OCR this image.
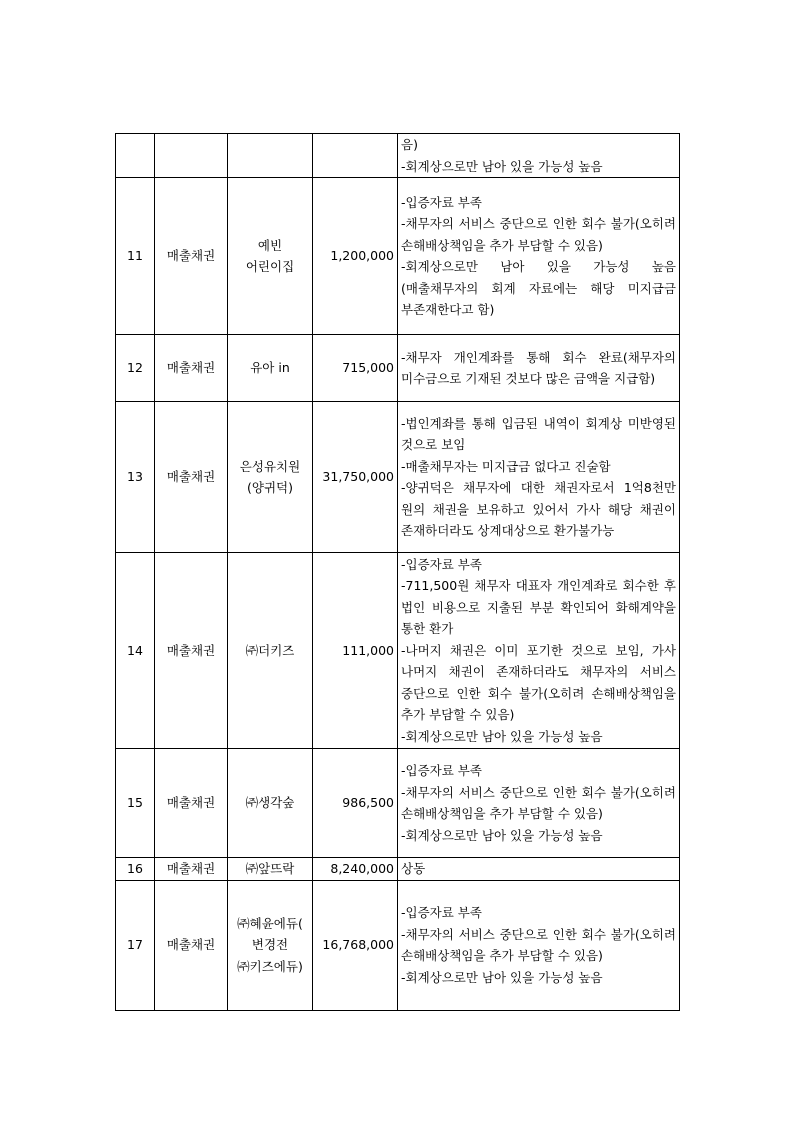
				음)
-회계상으로만 남아 있을 가능성 높음

11	매출채권	예빈
어린이집	1,200,000	-입증자료 부족
-채무자의 서비스 중단으로 인한 회수 불가(오히려 손해배상책임을 추가 부담할 수 있음)
-회계상으로만 남아 있을 가능성 높음(매출채무자의 회계 자료에는 해당 미지급금 부존재한다고 함)

12	매출채권	유아 in	715,000	-채무자 개인계좌를 통해 회수 완료(채무자의 미수금으로 기재된 것보다 많은 금액을 지급함)

13	매출채권	은성유치원
(양귀덕)	31,750,000	-법인계좌를 통해 입금된 내역이 회계상 미반영된 것으로 보임
-매출채무자는 미지급금 없다고 진술함
-양귀덕은 채무자에 대한 채권자로서 1억8천만 원의 채권을 보유하고 있어서 가사 해당 채권이 존재하더라도 상계대상으로 환가불가능

14	매출채권	㈜더키즈	111,000	-입증자료 부족
-711,500원 채무자 대표자 개인계좌로 회수한 후 법인 비용으로 지출된 부분 확인되어 화해계약을 통한 환가
-나머지 채권은 이미 포기한 것으로 보임, 가사 나머지 채권이 존재하더라도 채무자의 서비스 중단으로 인한 회수 불가(오히려 손해배상책임을 추가 부담할 수 있음)
-회계상으로만 남아 있을 가능성 높음

15	매출채권	㈜생각숲	986,500	-입증자료 부족
-채무자의 서비스 중단으로 인한 회수 불가(오히려 손해배상책임을 추가 부담할 수 있음)
-회계상으로만 남아 있을 가능성 높음

16	매출채권	㈜앞뜨락	8,240,000	상동

17	매출채권	㈜혜윤에듀(
변경전
㈜키즈에듀)	16,768,000	-입증자료 부족
-채무자의 서비스 중단으로 인한 회수 불가(오히려 손해배상책임을 추가 부담할 수 있음)
-회계상으로만 남아 있을 가능성 높음
